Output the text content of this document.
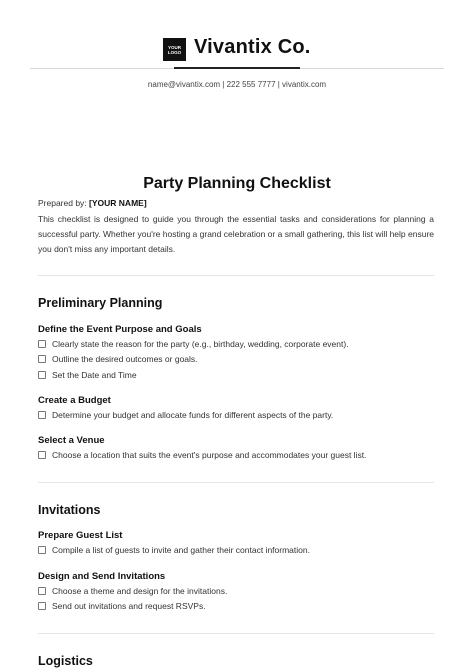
YOUR
LOGO Vivantix Co.
name@vivantix.com | 222 555 7777 | vivantix.com
Party Planning Checklist
Prepared by: [YOUR NAME]
This checklist is designed to guide you through the essential tasks and considerations for planning a successful party. Whether you're hosting a grand celebration or a small gathering, this list will help ensure you don't miss any important details.
Preliminary Planning
Define the Event Purpose and Goals
Clearly state the reason for the party (e.g., birthday, wedding, corporate event).
Outline the desired outcomes or goals.
Set the Date and Time
Create a Budget
Determine your budget and allocate funds for different aspects of the party.
Select a Venue
Choose a location that suits the event's purpose and accommodates your guest list.
Invitations
Prepare Guest List
Compile a list of guests to invite and gather their contact information.
Design and Send Invitations
Choose a theme and design for the invitations.
Send out invitations and request RSVPs.
Logistics
